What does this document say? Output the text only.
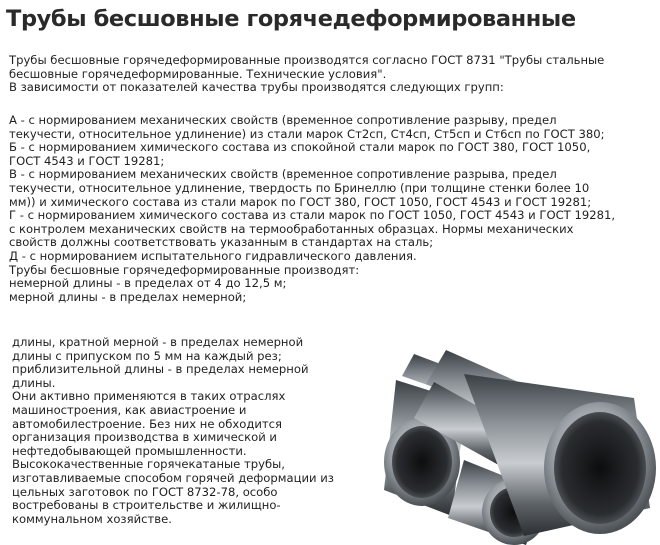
Трубы бесшовные горячедеформированные

Трубы бесшовные горячедеформированные производятся согласно ГОСТ 8731 "Трубы стальные

бесшовные горячедеформированные. Технические условия".

В зависимости от показателей качества трубы производятся следующих групп:

А - с нормированием механических свойств (временное сопротивление разрыву, предел

текучести, относительное удлинение) из стали марок Ст2сп, Ст4сп, Ст5сп и Ст6сп по ГОСТ 380;

Б - с нормированием химического состава из спокойной стали марок по ГОСТ 380, ГОСТ 1050,

ГОСТ 4543 и ГОСТ 19281;

В - с нормированием механических свойств (временное сопротивление разрыва, предел

текучести, относительное удлинение, твердость по Бринеллю (при толщине стенки более 10

мм)) и химического состава из стали марок по ГОСТ 380, ГОСТ 1050, ГОСТ 4543 и ГОСТ 19281;

Г - с нормированием химического состава из стали марок по ГОСТ 1050, ГОСТ 4543 и ГОСТ 19281,

с контролем механических свойств на термообработанных образцах. Нормы механических

свойств должны соответствовать указанным в стандартах на сталь;

Д - с нормированием испытательного гидравлического давления.

Трубы бесшовные горячедеформированные производят:

немерной длины - в пределах от 4 до 12,5 м;

мерной длины - в пределах немерной;

длины, кратной мерной - в пределах немерной

длины с припуском по 5 мм на каждый рез;

приблизительной длины - в пределах немерной

длины.

Они активно применяются в таких отраслях

машиностроения, как авиастроение и

автомобилестроение. Без них не обходится

организация производства в химической и

нефтедобывающей промышленности.

Высококачественные горячекатаные трубы,

изготавливаемые способом горячей деформации из

цельных заготовок по ГОСТ 8732-78, особо

востребованы в строительстве и жилищно-

коммунальном хозяйстве.
